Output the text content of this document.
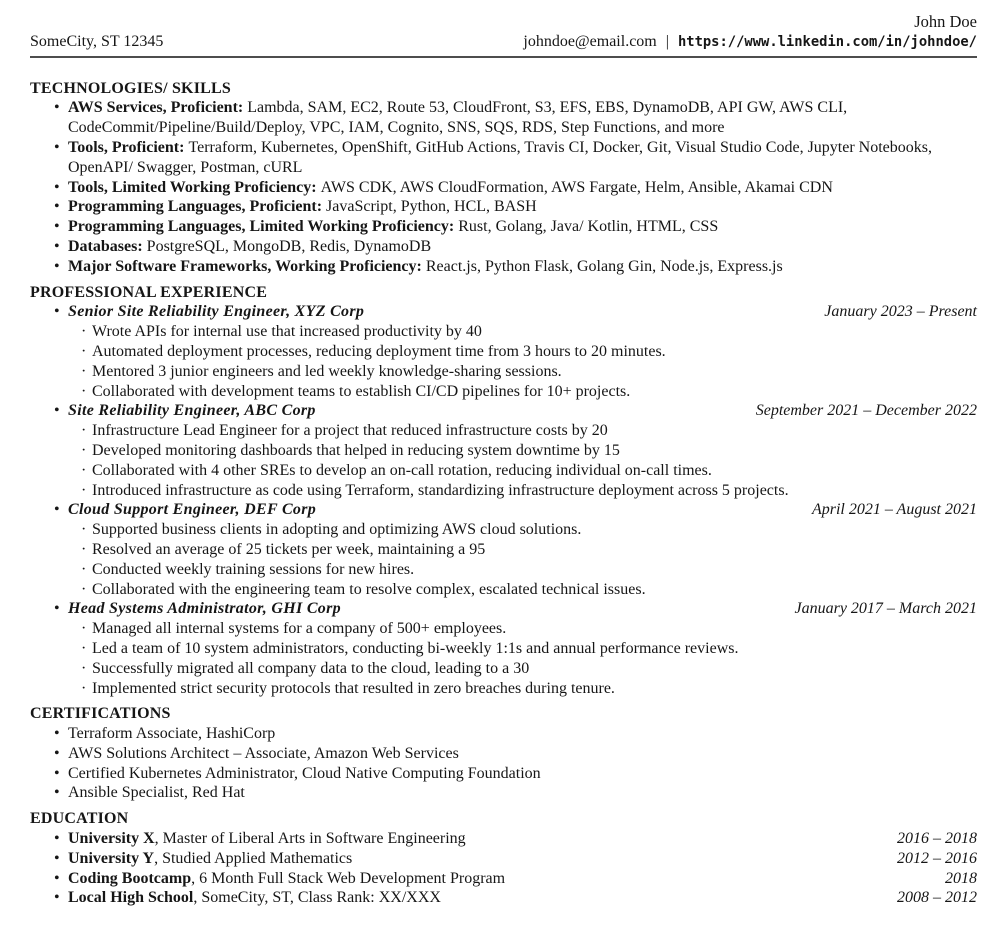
John Doe
SomeCity, ST 12345	johndoe@email.com | https://www.linkedin.com/in/johndoe/
TECHNOLOGIES/ SKILLS
• AWS Services, Proficient: Lambda, SAM, EC2, Route 53, CloudFront, S3, EFS, EBS, DynamoDB, API GW, AWS CLI, CodeCommit/Pipeline/Build/Deploy, VPC, IAM, Cognito, SNS, SQS, RDS, Step Functions, and more
• Tools, Proficient: Terraform, Kubernetes, OpenShift, GitHub Actions, Travis CI, Docker, Git, Visual Studio Code, Jupyter Notebooks, OpenAPI/ Swagger, Postman, cURL
• Tools, Limited Working Proficiency: AWS CDK, AWS CloudFormation, AWS Fargate, Helm, Ansible, Akamai CDN
• Programming Languages, Proficient: JavaScript, Python, HCL, BASH
• Programming Languages, Limited Working Proficiency: Rust, Golang, Java/ Kotlin, HTML, CSS
• Databases: PostgreSQL, MongoDB, Redis, DynamoDB
• Major Software Frameworks, Working Proficiency: React.js, Python Flask, Golang Gin, Node.js, Express.js
PROFESSIONAL EXPERIENCE
• Senior Site Reliability Engineer, XYZ Corp	January 2023 – Present
· Wrote APIs for internal use that increased productivity by 40
· Automated deployment processes, reducing deployment time from 3 hours to 20 minutes.
· Mentored 3 junior engineers and led weekly knowledge-sharing sessions.
· Collaborated with development teams to establish CI/CD pipelines for 10+ projects.
• Site Reliability Engineer, ABC Corp	September 2021 – December 2022
· Infrastructure Lead Engineer for a project that reduced infrastructure costs by 20
· Developed monitoring dashboards that helped in reducing system downtime by 15
· Collaborated with 4 other SREs to develop an on-call rotation, reducing individual on-call times.
· Introduced infrastructure as code using Terraform, standardizing infrastructure deployment across 5 projects.
• Cloud Support Engineer, DEF Corp	April 2021 – August 2021
· Supported business clients in adopting and optimizing AWS cloud solutions.
· Resolved an average of 25 tickets per week, maintaining a 95
· Conducted weekly training sessions for new hires.
· Collaborated with the engineering team to resolve complex, escalated technical issues.
• Head Systems Administrator, GHI Corp	January 2017 – March 2021
· Managed all internal systems for a company of 500+ employees.
· Led a team of 10 system administrators, conducting bi-weekly 1:1s and annual performance reviews.
· Successfully migrated all company data to the cloud, leading to a 30
· Implemented strict security protocols that resulted in zero breaches during tenure.
CERTIFICATIONS
• Terraform Associate, HashiCorp
• AWS Solutions Architect – Associate, Amazon Web Services
• Certified Kubernetes Administrator, Cloud Native Computing Foundation
• Ansible Specialist, Red Hat
EDUCATION
• University X, Master of Liberal Arts in Software Engineering	2016 – 2018
• University Y, Studied Applied Mathematics	2012 – 2016
• Coding Bootcamp, 6 Month Full Stack Web Development Program	2018
• Local High School, SomeCity, ST, Class Rank: XX/XXX	2008 – 2012
